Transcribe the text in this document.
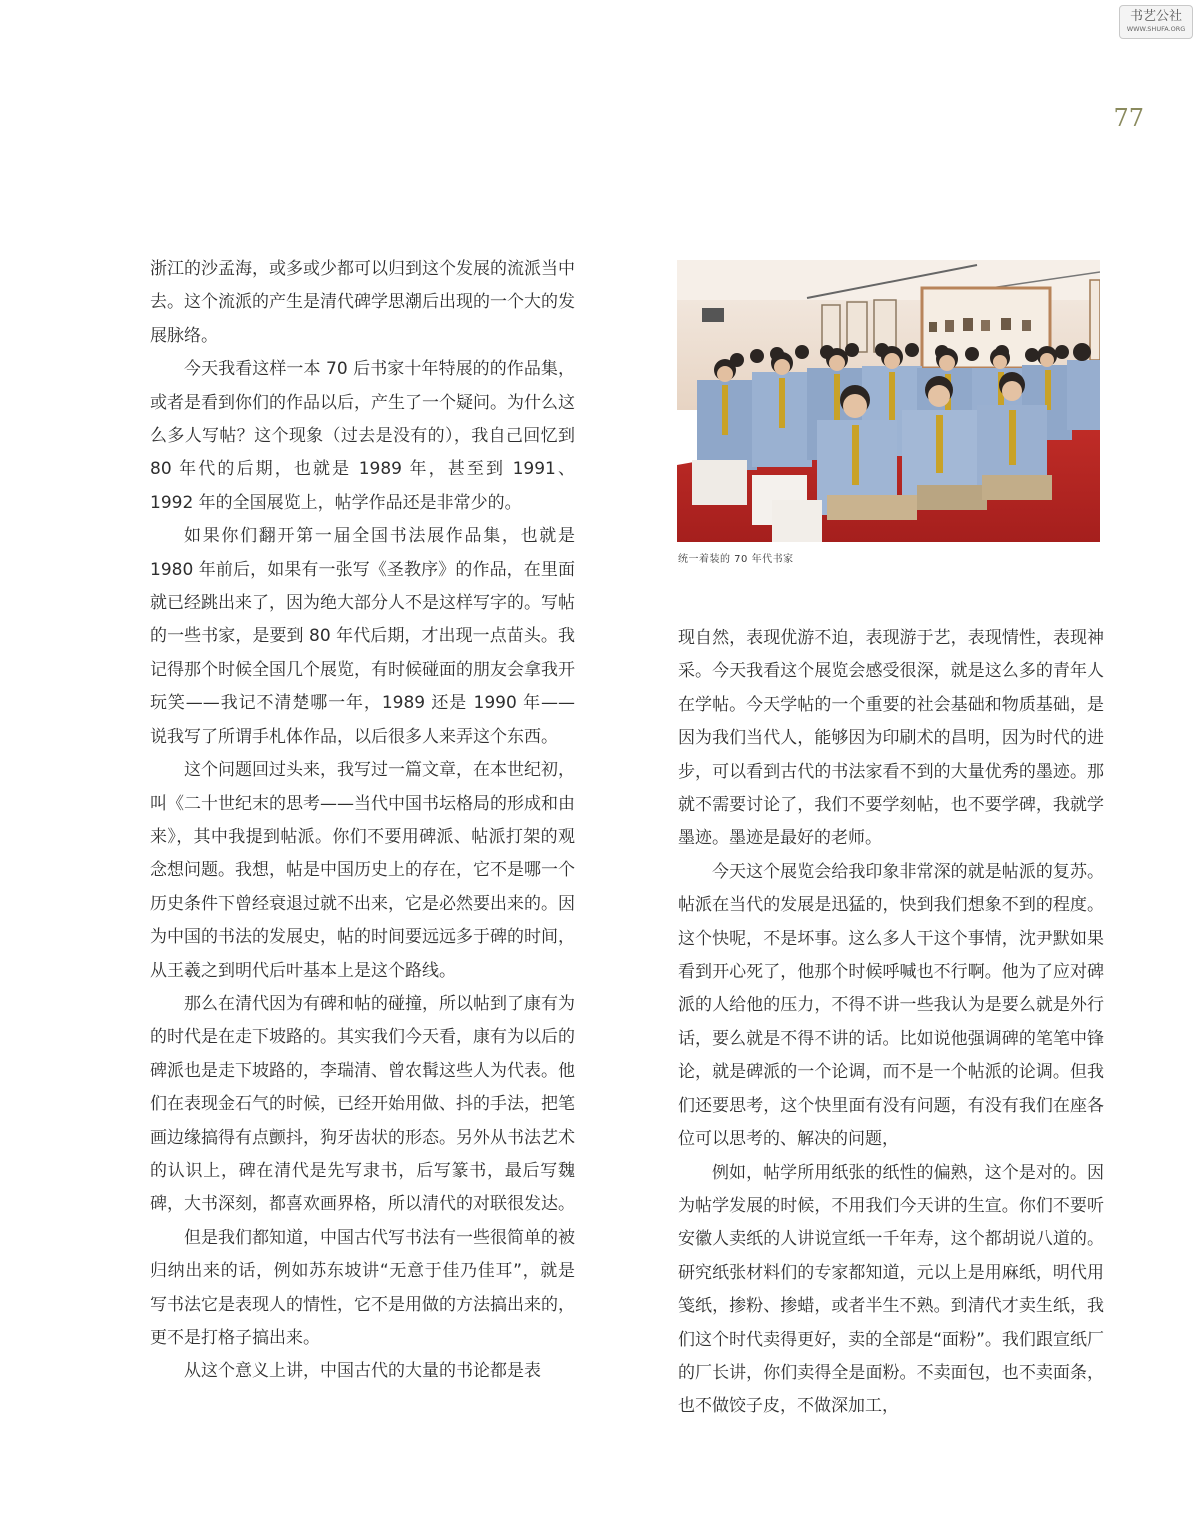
书艺公社
WWW.SHUFA.ORG
77

浙江的沙孟海，或多或少都可以归到这个发展的流派当中去。这个流派的产生是清代碑学思潮后出现的一个大的发展脉络。

今天我看这样一本 70 后书家十年特展的的作品集，或者是看到你们的作品以后，产生了一个疑问。为什么这么多人写帖？这个现象（过去是没有的），我自己回忆到 80 年代的后期，也就是 1989 年，甚至到 1991、1992 年的全国展览上，帖学作品还是非常少的。

如果你们翻开第一届全国书法展作品集，也就是 1980 年前后，如果有一张写《圣教序》的作品，在里面就已经跳出来了，因为绝大部分人不是这样写字的。写帖的一些书家，是要到 80 年代后期，才出现一点苗头。我记得那个时候全国几个展览，有时候碰面的朋友会拿我开玩笑——我记不清楚哪一年，1989 还是 1990 年——说我写了所谓手札体作品，以后很多人来弄这个东西。

这个问题回过头来，我写过一篇文章，在本世纪初，叫《二十世纪末的思考——当代中国书坛格局的形成和由来》，其中我提到帖派。你们不要用碑派、帖派打架的观念想问题。我想，帖是中国历史上的存在，它不是哪一个历史条件下曾经衰退过就不出来，它是必然要出来的。因为中国的书法的发展史，帖的时间要远远多于碑的时间，从王羲之到明代后叶基本上是这个路线。

那么在清代因为有碑和帖的碰撞，所以帖到了康有为的时代是在走下坡路的。其实我们今天看，康有为以后的碑派也是走下坡路的，李瑞清、曾农髯这些人为代表。他们在表现金石气的时候，已经开始用做、抖的手法，把笔画边缘搞得有点颤抖，狗牙齿状的形态。另外从书法艺术的认识上，碑在清代是先写隶书，后写篆书，最后写魏碑，大书深刻，都喜欢画界格，所以清代的对联很发达。

但是我们都知道，中国古代写书法有一些很简单的被归纳出来的话，例如苏东坡讲“无意于佳乃佳耳”，就是写书法它是表现人的情性，它不是用做的方法搞出来的，更不是打格子搞出来。

从这个意义上讲，中国古代的大量的书论都是表

统一着装的 70 年代书家

现自然，表现优游不迫，表现游于艺，表现情性，表现神采。今天我看这个展览会感受很深，就是这么多的青年人在学帖。今天学帖的一个重要的社会基础和物质基础，是因为我们当代人，能够因为印刷术的昌明，因为时代的进步，可以看到古代的书法家看不到的大量优秀的墨迹。那就不需要讨论了，我们不要学刻帖，也不要学碑，我就学墨迹。墨迹是最好的老师。

今天这个展览会给我印象非常深的就是帖派的复苏。帖派在当代的发展是迅猛的，快到我们想象不到的程度。这个快呢，不是坏事。这么多人干这个事情，沈尹默如果看到开心死了，他那个时候呼喊也不行啊。他为了应对碑派的人给他的压力，不得不讲一些我认为是要么就是外行话，要么就是不得不讲的话。比如说他强调碑的笔笔中锋论，就是碑派的一个论调，而不是一个帖派的论调。但我们还要思考，这个快里面有没有问题，有没有我们在座各位可以思考的、解决的问题，

例如，帖学所用纸张的纸性的偏熟，这个是对的。因为帖学发展的时候，不用我们今天讲的生宣。你们不要听安徽人卖纸的人讲说宣纸一千年寿，这个都胡说八道的。研究纸张材料们的专家都知道，元以上是用麻纸，明代用笺纸，掺粉、掺蜡，或者半生不熟。到清代才卖生纸，我们这个时代卖得更好，卖的全部是“面粉”。我们跟宣纸厂的厂长讲，你们卖得全是面粉。不卖面包，也不卖面条，也不做饺子皮，不做深加工，
